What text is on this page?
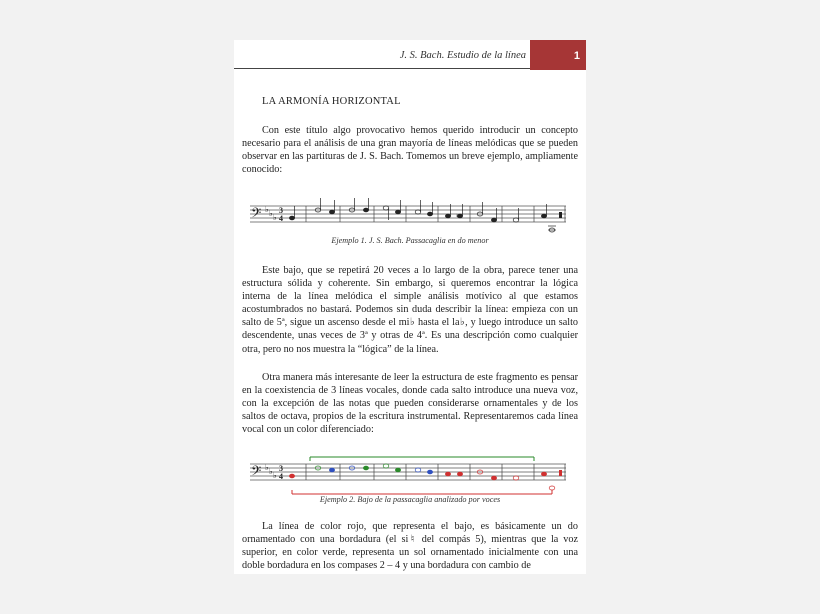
J. S. Bach. Estudio de la línea	1
LA ARMONÍA HORIZONTAL

Con este título algo provocativo hemos querido introducir un concepto necesario para el análisis de una gran mayoría de líneas melódicas que se pueden observar en las partituras de J. S. Bach. Tomemos un breve ejemplo, ampliamente conocido:

𝄢 ♭ ♭ ♭
3
4	♮
Ejemplo 1. J. S. Bach. Passacaglia en do menor

Este bajo, que se repetirá 20 veces a lo largo de la obra, parece tener una estructura sólida y coherente. Sin embargo, si queremos encontrar la lógica interna de la línea melódica el simple análisis motívico al que estamos acostumbrados no bastará. Podemos sin duda describir la línea: empieza con un salto de 5ª, sigue un ascenso desde el mi♭ hasta el la♭, y luego introduce un salto descendente, unas veces de 3ª y otras de 4ª. Es una descripción como cualquier otra, pero no nos muestra la “lógica” de la línea.

Otra manera más interesante de leer la estructura de este fragmento es pensar en la coexistencia de 3 líneas vocales, donde cada salto introduce una nueva voz, con la excepción de las notas que pueden considerarse ornamentales y de los saltos de octava, propios de la escritura instrumental. Representaremos cada línea vocal con un color diferenciado:

𝄢 ♭ ♭ ♭
3
4
Ejemplo 2. Bajo de la passacaglia analizado por voces

La línea de color rojo, que representa el bajo, es básicamente un do ornamentado con una bordadura (el si♮ del compás 5), mientras que la voz superior, en color verde, representa un sol ornamentado inicialmente con una doble bordadura en los compases 2 – 4 y una bordadura con cambio de
